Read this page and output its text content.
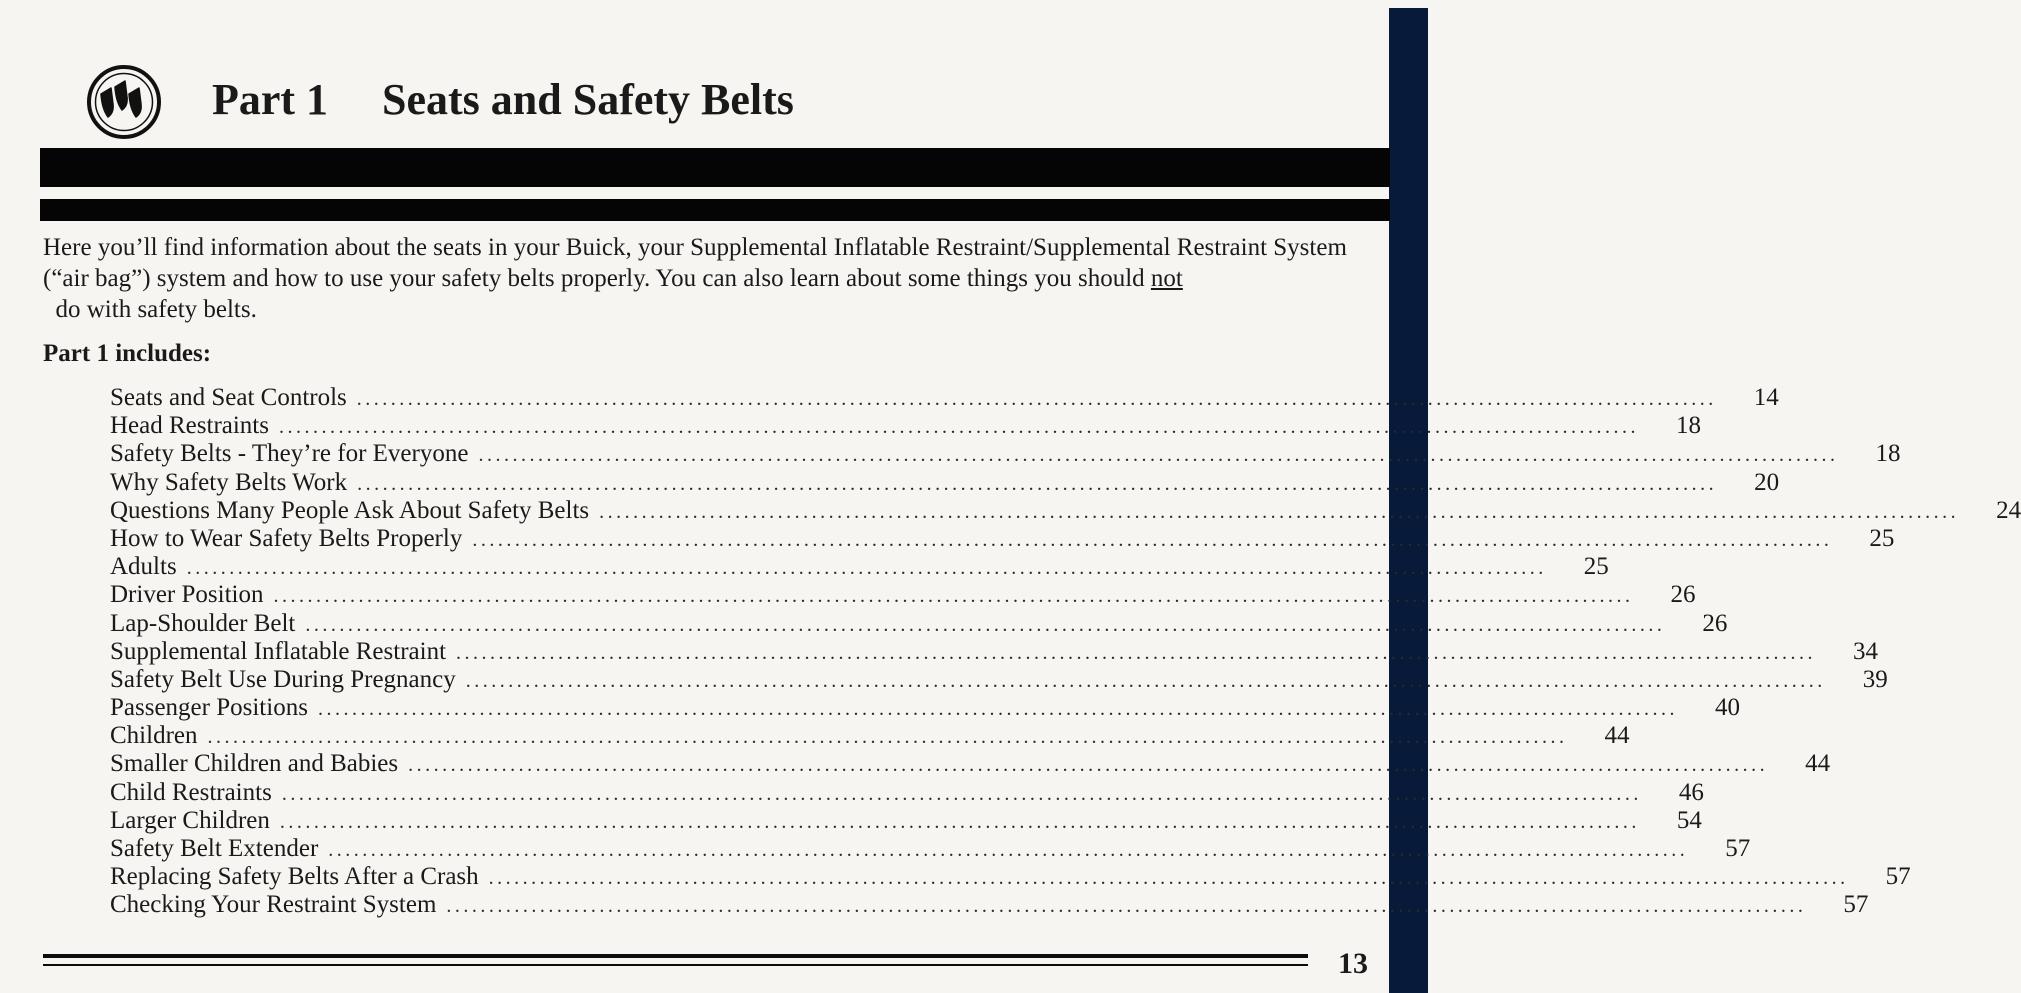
Part 1 Seats and Safety Belts

Here you’ll find information about the seats in your Buick, your Supplemental Inflatable Restraint/Supplemental Restraint System (“air bag”) system and how to use your safety belts properly. You can also learn about some things you should not  do with safety belts.

Part 1 includes:
Seats and Seat Controls ................................................................................................................................................................ 14
Head Restraints ................................................................................................................................................................ 18
Safety Belts - They’re for Everyone ................................................................................................................................................................ 18
Why Safety Belts Work ................................................................................................................................................................ 20
Questions Many People Ask About Safety Belts ................................................................................................................................................................ 24
How to Wear Safety Belts Properly ................................................................................................................................................................ 25
Adults ................................................................................................................................................................ 25
Driver Position ................................................................................................................................................................ 26
Lap-Shoulder Belt ................................................................................................................................................................ 26
Supplemental Inflatable Restraint ................................................................................................................................................................ 34
Safety Belt Use During Pregnancy ................................................................................................................................................................ 39
Passenger Positions ................................................................................................................................................................ 40
Children ................................................................................................................................................................ 44
Smaller Children and Babies ................................................................................................................................................................ 44
Child Restraints ................................................................................................................................................................ 46
Larger Children ................................................................................................................................................................ 54
Safety Belt Extender ................................................................................................................................................................ 57
Replacing Safety Belts After a Crash ................................................................................................................................................................ 57
Checking Your Restraint System ................................................................................................................................................................ 57
13
